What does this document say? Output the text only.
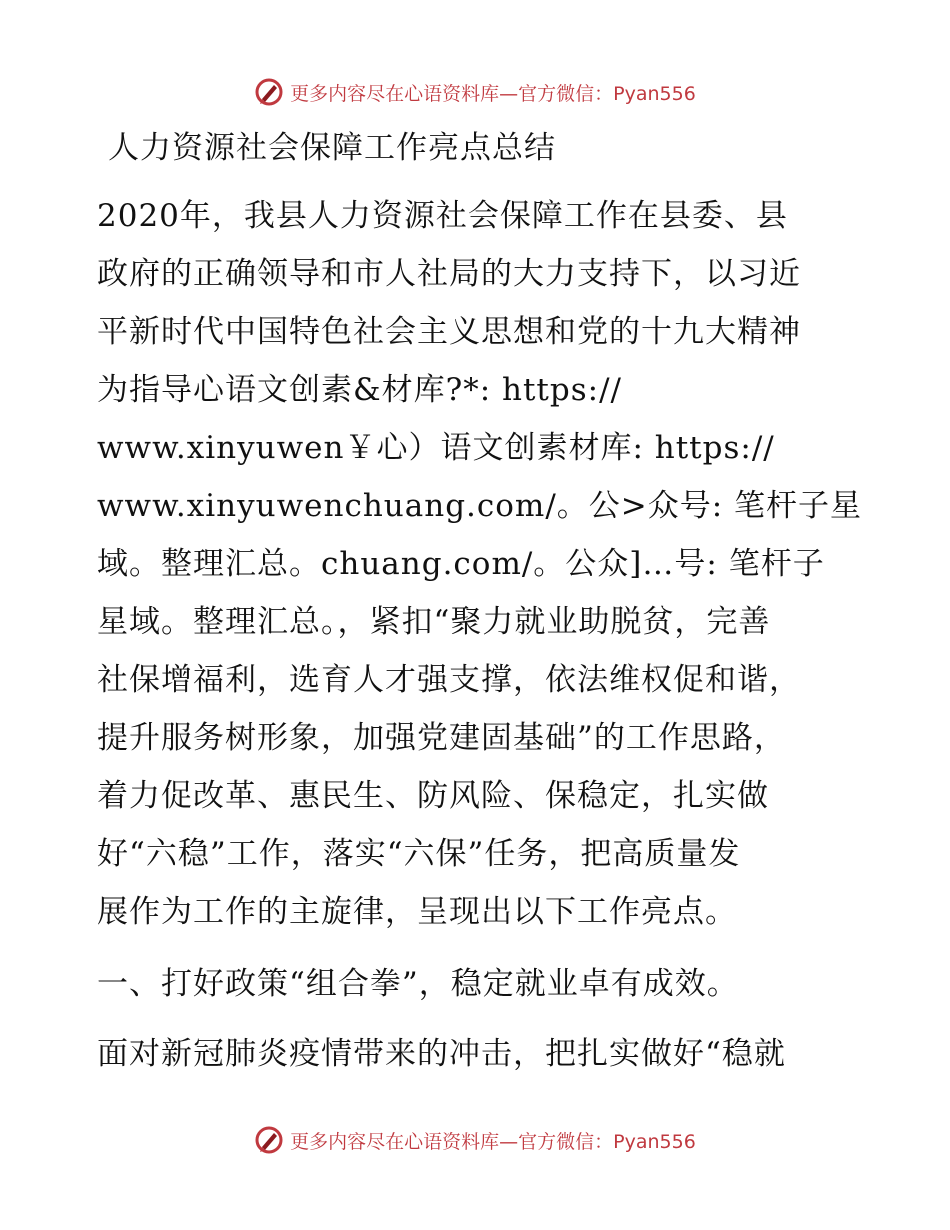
更多内容尽在心语资料库—官方微信：Pyan556
人力资源社会保障工作亮点总结
2020年，我县人力资源社会保障工作在县委、县
政府的正确领导和市人社局的大力支持下，以习近
平新时代中国特色社会主义思想和党的十九大精神
为指导心语文创素&材库?*: https://
www.xinyuwen￥心）语文创素材库: https://
www.xinyuwenchuang.com/。公>众号: 笔杆子星
域。整理汇总。chuang.com/。公众]…号: 笔杆子
星域。整理汇总。，紧扣“聚力就业助脱贫，完善
社保增福利，选育人才强支撑，依法维权促和谐，
提升服务树形象，加强党建固基础”的工作思路，
着力促改革、惠民生、防风险、保稳定，扎实做
好“六稳”工作，落实“六保”任务，把高质量发
展作为工作的主旋律，呈现出以下工作亮点。
一、打好政策“组合拳”，稳定就业卓有成效。
面对新冠肺炎疫情带来的冲击，把扎实做好“稳就
更多内容尽在心语资料库—官方微信：Pyan556
